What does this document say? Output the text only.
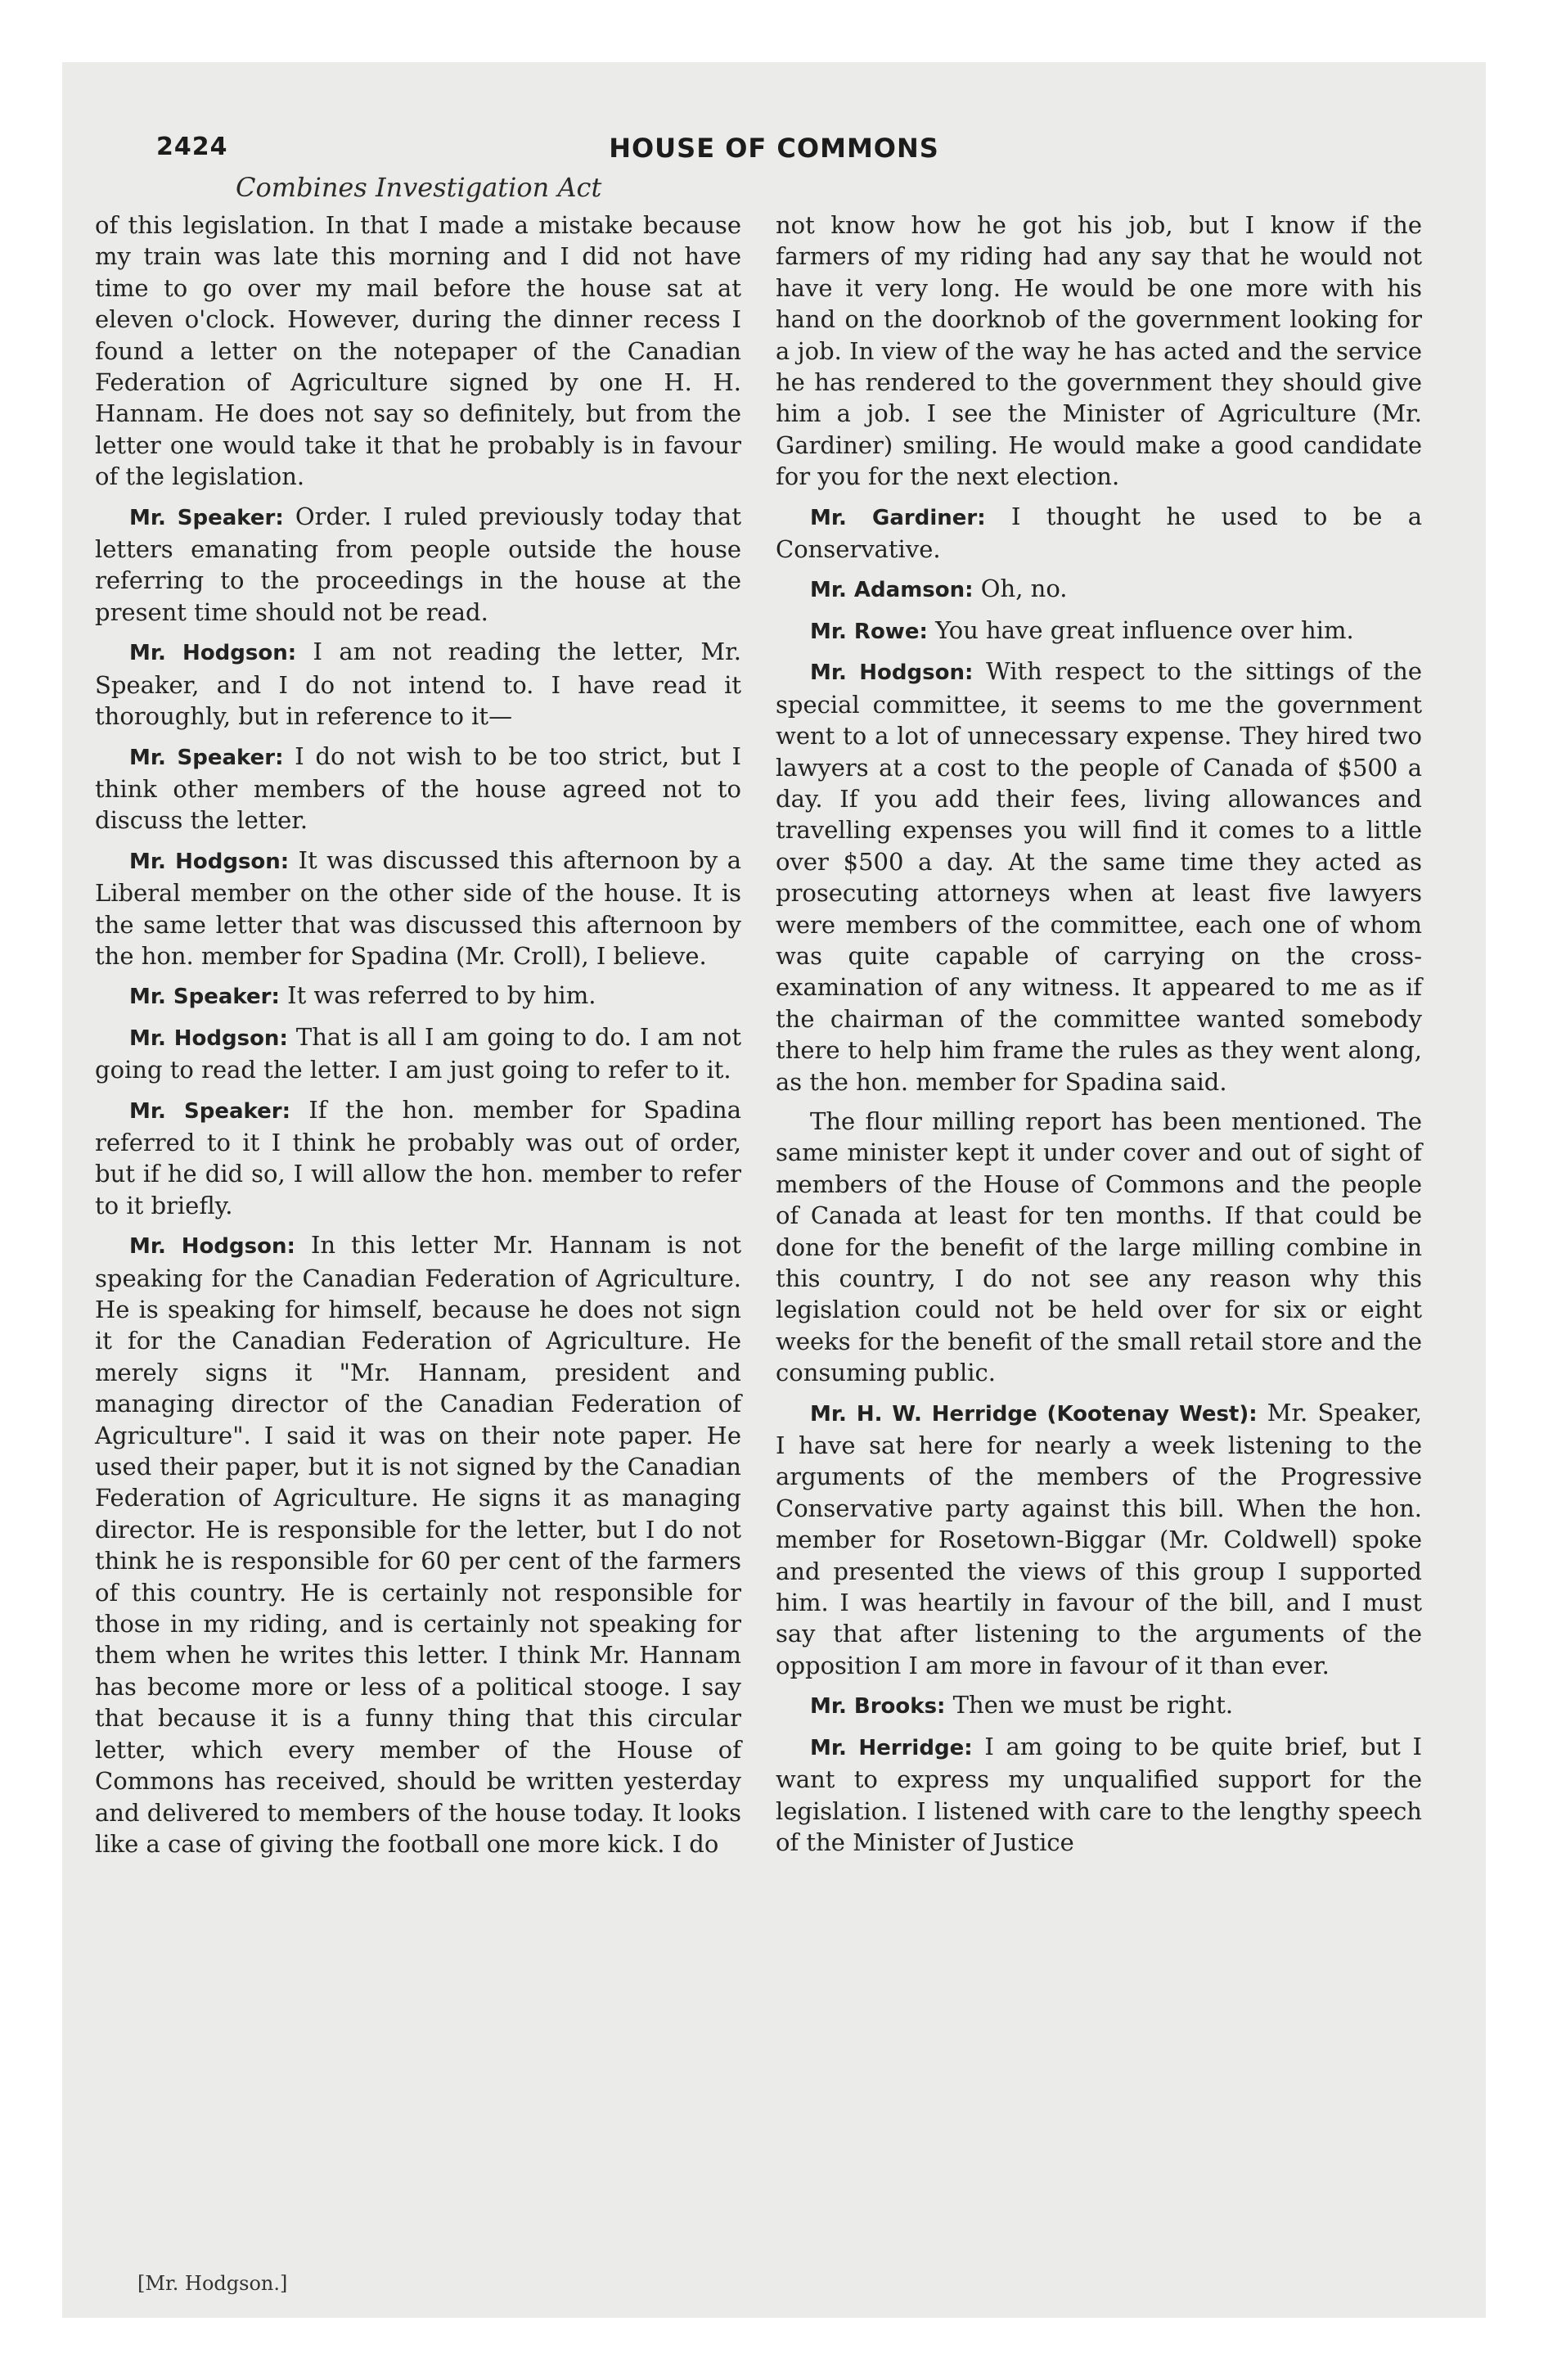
2424	HOUSE OF COMMONS
Combines Investigation Act

of this legislation. In that I made a mistake because my train was late this morning and I did not have time to go over my mail before the house sat at eleven o'clock. However, during the dinner recess I found a letter on the notepaper of the Canadian Federation of Agriculture signed by one H. H. Hannam. He does not say so definitely, but from the letter one would take it that he probably is in favour of the legislation.

Mr. Speaker: Order. I ruled previously today that letters emanating from people outside the house referring to the proceedings in the house at the present time should not be read.

Mr. Hodgson: I am not reading the letter, Mr. Speaker, and I do not intend to. I have read it thoroughly, but in reference to it—

Mr. Speaker: I do not wish to be too strict, but I think other members of the house agreed not to discuss the letter.

Mr. Hodgson: It was discussed this afternoon by a Liberal member on the other side of the house. It is the same letter that was discussed this afternoon by the hon. member for Spadina (Mr. Croll), I believe.

Mr. Speaker: It was referred to by him.

Mr. Hodgson: That is all I am going to do. I am not going to read the letter. I am just going to refer to it.

Mr. Speaker: If the hon. member for Spadina referred to it I think he probably was out of order, but if he did so, I will allow the hon. member to refer to it briefly.

Mr. Hodgson: In this letter Mr. Hannam is not speaking for the Canadian Federation of Agriculture. He is speaking for himself, because he does not sign it for the Canadian Federation of Agriculture. He merely signs it "Mr. Hannam, president and managing director of the Canadian Federation of Agriculture". I said it was on their note paper. He used their paper, but it is not signed by the Canadian Federation of Agriculture. He signs it as managing director. He is responsible for the letter, but I do not think he is responsible for 60 per cent of the farmers of this country. He is certainly not responsible for those in my riding, and is certainly not speaking for them when he writes this letter. I think Mr. Hannam has become more or less of a political stooge. I say that because it is a funny thing that this circular letter, which every member of the House of Commons has received, should be written yesterday and delivered to members of the house today. It looks like a case of giving the football one more kick. I do

not know how he got his job, but I know if the farmers of my riding had any say that he would not have it very long. He would be one more with his hand on the doorknob of the government looking for a job. In view of the way he has acted and the service he has rendered to the government they should give him a job. I see the Minister of Agriculture (Mr. Gardiner) smiling. He would make a good candidate for you for the next election.

Mr. Gardiner: I thought he used to be a Conservative.

Mr. Adamson: Oh, no.

Mr. Rowe: You have great influence over him.

Mr. Hodgson: With respect to the sittings of the special committee, it seems to me the government went to a lot of unnecessary expense. They hired two lawyers at a cost to the people of Canada of $500 a day. If you add their fees, living allowances and travelling expenses you will find it comes to a little over $500 a day. At the same time they acted as prosecuting attorneys when at least five lawyers were members of the committee, each one of whom was quite capable of carrying on the cross-examination of any witness. It appeared to me as if the chairman of the committee wanted somebody there to help him frame the rules as they went along, as the hon. member for Spadina said.

The flour milling report has been mentioned. The same minister kept it under cover and out of sight of members of the House of Commons and the people of Canada at least for ten months. If that could be done for the benefit of the large milling combine in this country, I do not see any reason why this legislation could not be held over for six or eight weeks for the benefit of the small retail store and the consuming public.

Mr. H. W. Herridge (Kootenay West): Mr. Speaker, I have sat here for nearly a week listening to the arguments of the members of the Progressive Conservative party against this bill. When the hon. member for Rosetown-Biggar (Mr. Coldwell) spoke and presented the views of this group I supported him. I was heartily in favour of the bill, and I must say that after listening to the arguments of the opposition I am more in favour of it than ever.

Mr. Brooks: Then we must be right.

Mr. Herridge: I am going to be quite brief, but I want to express my unqualified support for the legislation. I listened with care to the lengthy speech of the Minister of Justice

[Mr. Hodgson.]
